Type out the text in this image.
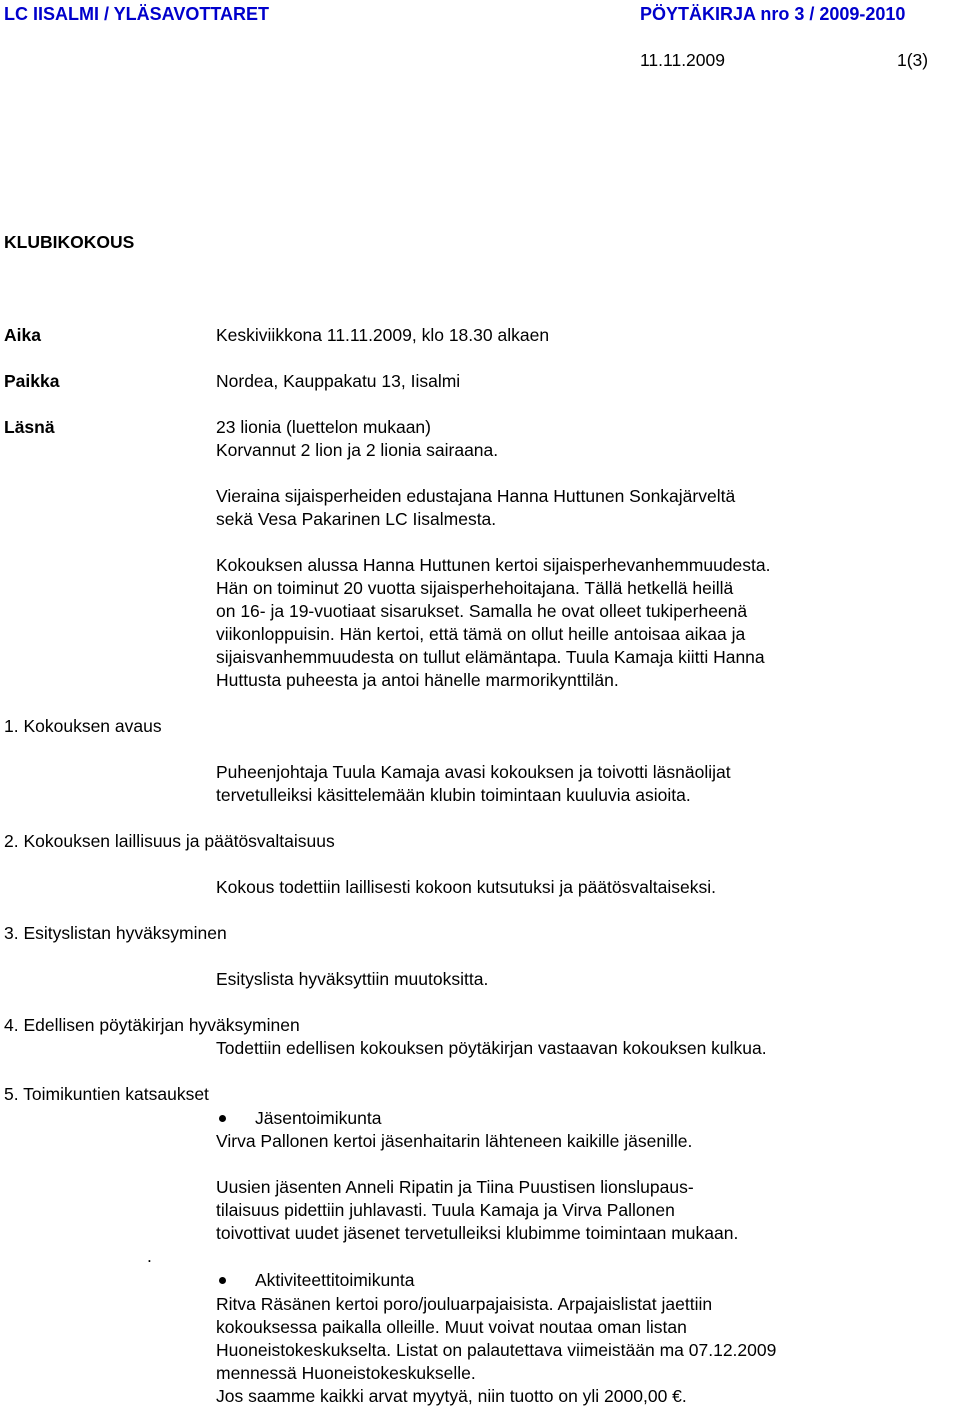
LC IISALMI / YLÄSAVOTTARET	PÖYTÄKIRJA nro 3 / 2009-2010
11.11.2009	1(3)
KLUBIKOKOUS
Aika	Keskiviikkona 11.11.2009, klo 18.30 alkaen
Paikka	Nordea, Kauppakatu 13, Iisalmi
Läsnä	23 lionia (luettelon mukaan)
Korvannut 2 lion ja 2 lionia sairaana.
Vieraina sijaisperheiden edustajana Hanna Huttunen Sonkajärveltä
sekä Vesa Pakarinen LC Iisalmesta.
Kokouksen alussa Hanna Huttunen kertoi sijaisperhevanhemmuudesta.
Hän on toiminut 20 vuotta sijaisperhehoitajana. Tällä hetkellä heillä
on 16- ja 19-vuotiaat sisarukset. Samalla he ovat olleet tukiperheenä
viikonloppuisin. Hän kertoi, että tämä on ollut heille antoisaa aikaa ja
sijaisvanhemmuudesta on tullut elämäntapa. Tuula Kamaja kiitti Hanna
Huttusta puheesta ja antoi hänelle marmorikynttilän.
1. Kokouksen avaus
Puheenjohtaja Tuula Kamaja avasi kokouksen ja toivotti läsnäolijat
tervetulleiksi käsittelemään klubin toimintaan kuuluvia asioita.
2. Kokouksen laillisuus ja päätösvaltaisuus
Kokous todettiin laillisesti kokoon kutsutuksi ja päätösvaltaiseksi.
3. Esityslistan hyväksyminen
Esityslista hyväksyttiin muutoksitta.
4. Edellisen pöytäkirjan hyväksyminen
Todettiin edellisen kokouksen pöytäkirjan vastaavan kokouksen kulkua.
5. Toimikuntien katsaukset
Jäsentoimikunta
Virva Pallonen kertoi jäsenhaitarin lähteneen kaikille jäsenille.
Uusien jäsenten Anneli Ripatin ja Tiina Puustisen lionslupaus-
tilaisuus pidettiin juhlavasti. Tuula Kamaja ja Virva Pallonen
toivottivat uudet jäsenet tervetulleiksi klubimme toimintaan mukaan.
.
Aktiviteettitoimikunta
Ritva Räsänen kertoi poro/jouluarpajaisista. Arpajaislistat jaettiin
kokouksessa paikalla olleille. Muut voivat noutaa oman listan
Huoneistokeskukselta. Listat on palautettava viimeistään ma 07.12.2009
mennessä Huoneistokeskukselle.
Jos saamme kaikki arvat myytyä, niin tuotto on yli 2000,00 €.
